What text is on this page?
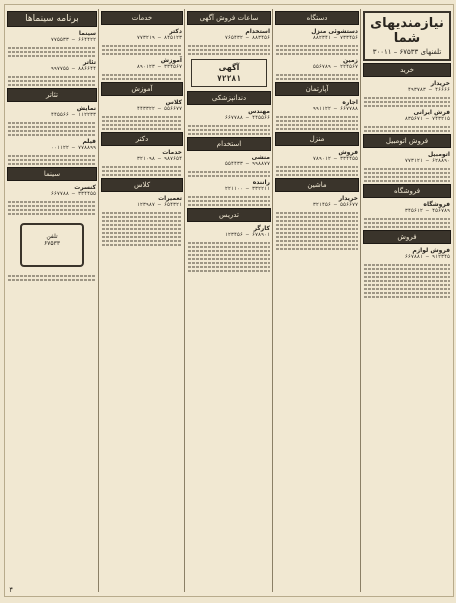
نیازمندیهای شما
تلفنهای ۶۷۵۳۳ – ۳۰۰۱۱
خرید
خریدار
۴۶۶۶۶ – ۴۹۳۷۸۳
فرش ایرانی
۷۴۳۲۱۵ – ۸۳۵۶۷۱
فروش اتومبیل
اتومبیل
۶۲۸۸۹۰ – ۷۷۳۱۲۱
فروشگاه
فروشگاه
۴۵۶۷۸۹ – ۳۴۵۶۱۲
فروش
فروش لوازم
۹۱۲۳۴۵ – ۶۶۷۸۸۱
دستگاه
دستشوئی منزل
۷۳۳۴۵۶ – ۸۸۲۳۴۱
زمین
۲۲۴۵۶۷ – ۵۵۶۷۸۹
آپارتمان
اجاره
۶۶۷۷۸۸ – ۹۹۱۱۲۲
منزل
فروش
۳۳۴۴۵۵ – ۷۸۹۰۱۲
ماشین
خریدار
۵۵۶۶۷۷ – ۳۲۱۴۵۶
ساعات فروش آگهی
استخدام
۸۸۳۴۵۶ – ۷۶۵۴۳۲
آگهی
۷۲۲۸۱
دندانپزشکی
مهندس
۴۴۵۵۶۶ – ۶۶۷۷۸۸
استخدام
منشی
۹۹۸۸۷۷ – ۵۵۴۴۳۳
راننده
۳۳۲۲۱۱ – ۲۲۱۱۰۰
تدریس
کارگر
۶۷۸۹۰۱ – ۱۲۳۴۵۶
خدمات
دکتر
۸۴۵۱۲۳ – ۷۷۳۲۱۹
آموزش
۳۳۴۵۶۷ – ۸۹۰۱۲۳
آموزش
کلاس
۵۵۶۶۷۷ – ۴۴۳۳۲۲
دکتر
خدمات
۹۸۷۶۵۴ – ۳۲۱۰۹۸
کلاس
تعمیرات
۶۵۴۳۲۱ – ۱۲۳۹۸۷
برنامه سینماها
سینما
۶۶۴۴۲۲ – ۷۷۵۵۳۳
تئاتر
۸۸۶۶۴۴ – ۹۹۷۷۵۵
تئاتر
نمایش
۱۱۲۲۳۳ – ۴۴۵۵۶۶
فیلم
۷۷۸۸۹۹ – ۰۰۱۱۲۲
سینما
کنسرت
۳۳۴۴۵۵ – ۶۶۷۷۸۸
تلفن
۶۷۵۳۳
۴
